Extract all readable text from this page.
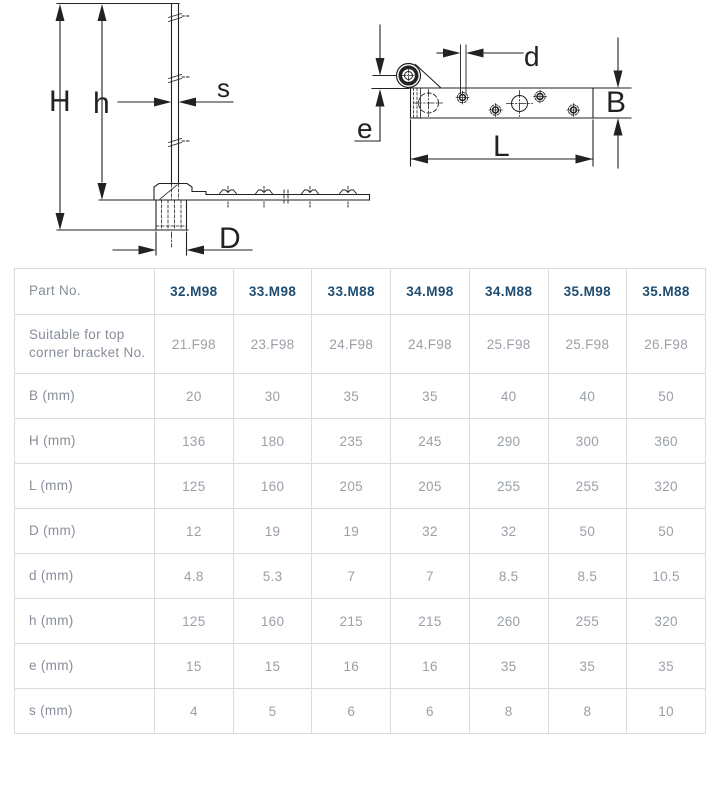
H h	s
D
d
B
e
L
Part No.	32.M98	33.M98	33.M88	34.M98	34.M88	35.M98	35.M88
Suitable for top corner bracket No.	21.F98	23.F98	24.F98	24.F98	25.F98	25.F98	26.F98
B (mm)	20	30	35	35	40	40	50
H (mm)	136	180	235	245	290	300	360
L (mm)	125	160	205	205	255	255	320
D (mm)	12	19	19	32	32	50	50
d (mm)	4.8	5.3	7	7	8.5	8.5	10.5
h (mm)	125	160	215	215	260	255	320
e (mm)	15	15	16	16	35	35	35
s (mm)	4	5	6	6	8	8	10
